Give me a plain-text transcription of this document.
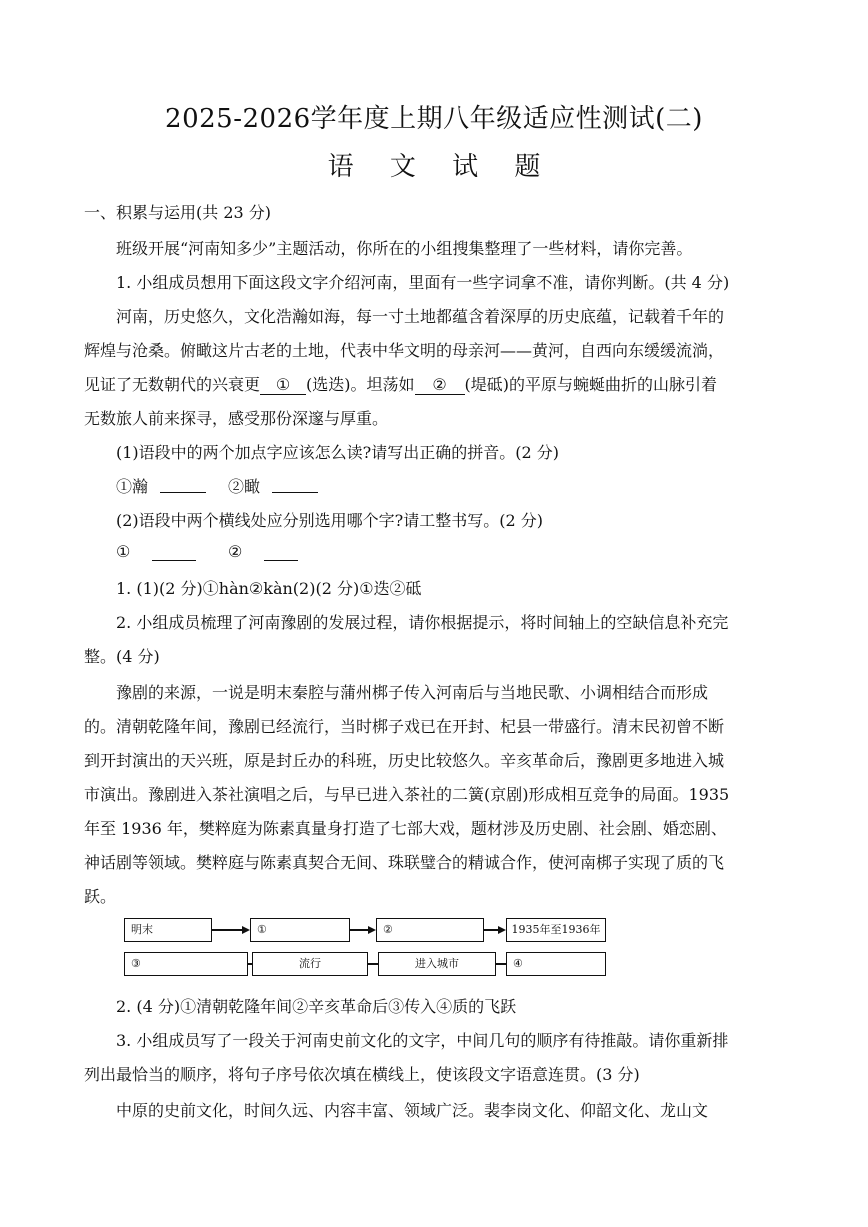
2025-2026学年度上期八年级适应性测试(二)
语 文 试 题
一、积累与运用(共 23 分)
班级开展“河南知多少”主题活动，你所在的小组搜集整理了一些材料，请你完善。
1. 小组成员想用下面这段文字介绍河南，里面有一些字词拿不准，请你判断。(共 4 分)
河南，历史悠久，文化浩瀚如海，每一寸土地都蕴含着深厚的历史底蕴，记载着千年的
辉煌与沧桑。俯瞰这片古老的土地，代表中华文明的母亲河——黄河，自西向东缓缓流淌，
见证了无数朝代的兴衰更 ① (选迭)。坦荡如 ② (堤砥)的平原与蜿蜒曲折的山脉引着
无数旅人前来探寻，感受那份深邃与厚重。
(1)语段中的两个加点字应该怎么读?请写出正确的拼音。(2 分)
①瀚	②瞰
(2)语段中两个横线处应分别选用哪个字?请工整书写。(2 分)
①	②
1. (1)(2 分)①hàn②kàn(2)(2 分)①迭②砥
2. 小组成员梳理了河南豫剧的发展过程，请你根据提示，将时间轴上的空缺信息补充完
整。(4 分)
豫剧的来源，一说是明末秦腔与蒲州梆子传入河南后与当地民歌、小调相结合而形成
的。清朝乾隆年间，豫剧已经流行，当时梆子戏已在开封、杞县一带盛行。清末民初曾不断
到开封演出的天兴班，原是封丘办的科班，历史比较悠久。辛亥革命后，豫剧更多地进入城
市演出。豫剧进入茶社演唱之后，与早已进入茶社的二簧(京剧)形成相互竞争的局面。1935
年至 1936 年，樊粹庭为陈素真量身打造了七部大戏，题材涉及历史剧、社会剧、婚恋剧、
神话剧等领域。樊粹庭与陈素真契合无间、珠联璧合的精诚合作，使河南梆子实现了质的飞
跃。
明末	①	②	1935年至1936年
③	流行	进入城市	④
2. (4 分)①清朝乾隆年间②辛亥革命后③传入④质的飞跃
3. 小组成员写了一段关于河南史前文化的文字，中间几句的顺序有待推敲。请你重新排
列出最恰当的顺序，将句子序号依次填在横线上，使该段文字语意连贯。(3 分)
中原的史前文化，时间久远、内容丰富、领域广泛。裴李岗文化、仰韶文化、龙山文
